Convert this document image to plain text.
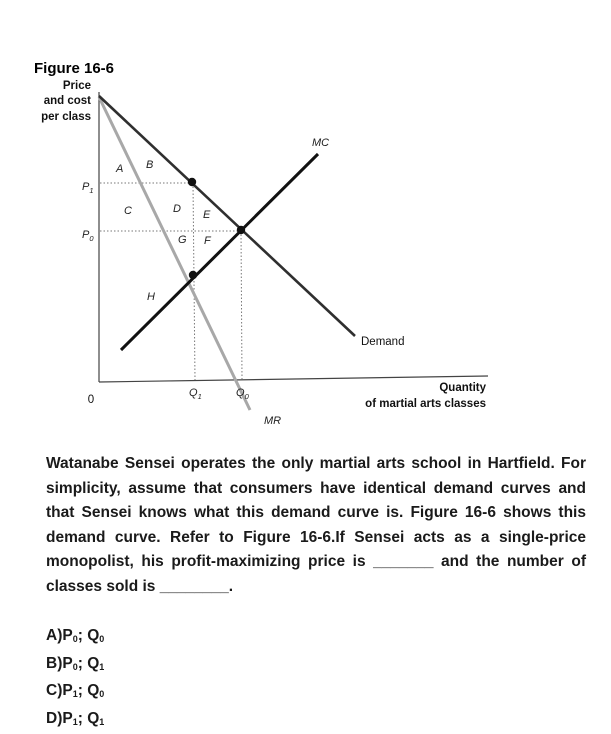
Figure 16-6
Price
and cost
per class
0
Quantity
of martial arts classes
$P_1$
$P_0$
$Q_1$	$Q_0$
MC
Demand
MR
A B
C	D E
G F
H

Watanabe Sensei operates the only martial arts school in Hartfield. For simplicity, assume that consumers have identical demand curves and that Sensei knows what this demand curve is. Figure 16-6 shows this demand curve. Refer to Figure 16-6.If Sensei acts as a single-price monopolist, his profit-maximizing price is _______ and the number of classes sold is ________.

$A)P_0$; $Q_0$
$B)P_0$; $Q_1$
$C)P_1$; $Q_0$
$D)P_1$; $Q_1$
